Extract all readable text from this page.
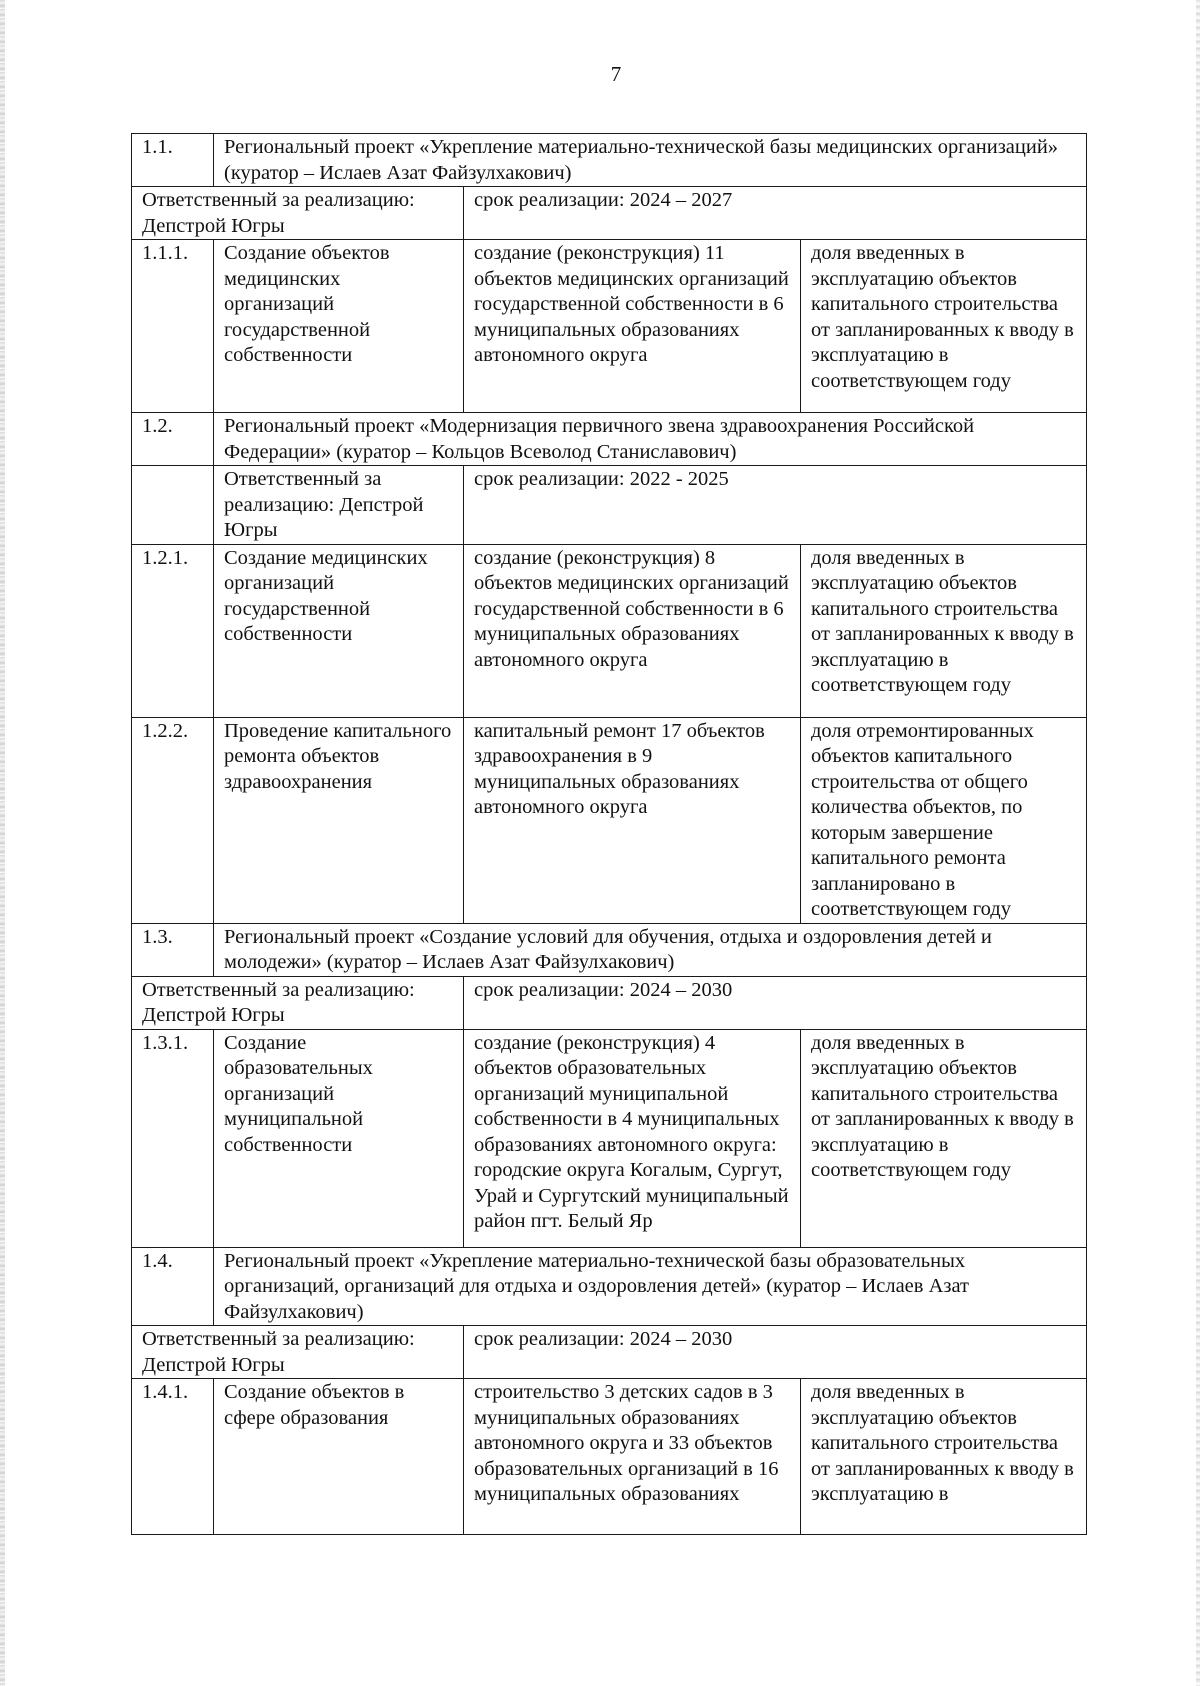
7
1.1.	Региональный проект «Укрепление материально-технической базы медицинских организаций» (куратор – Ислаев Азат Файзулхакович)		
Ответственный за реализацию: Депстрой Югры		срок реализации: 2024 – 2027	
1.1.1.	Создание объектов медицинских организаций государственной собственности	создание (реконструкция) 11 объектов медицинских организаций государственной собственности в 6 муниципальных образованиях автономного округа	доля введенных в эксплуатацию объектов капитального строительства от запланированных к вводу в эксплуатацию в соответствующем году
1.2.	Региональный проект «Модернизация первичного звена здравоохранения Российской Федерации» (куратор – Кольцов Всеволод Станиславович)		
	Ответственный за реализацию: Депстрой Югры	срок реализации: 2022 - 2025	
1.2.1.	Создание медицинских организаций государственной собственности	создание (реконструкция) 8 объектов медицинских организаций государственной собственности в 6 муниципальных образованиях автономного округа	доля введенных в эксплуатацию объектов капитального строительства от запланированных к вводу в эксплуатацию в соответствующем году
1.2.2.	Проведение капитального ремонта объектов здравоохранения	капитальный ремонт 17 объектов здравоохранения в 9 муниципальных образованиях автономного округа	доля отремонтированных объектов капитального строительства от общего количества объектов, по которым завершение капитального ремонта запланировано в соответствующем году
1.3.	Региональный проект «Создание условий для обучения, отдыха и оздоровления детей и молодежи» (куратор – Ислаев Азат Файзулхакович)		
Ответственный за реализацию: Депстрой Югры		срок реализации: 2024 – 2030	
1.3.1.	Создание образовательных организаций муниципальной собственности	создание (реконструкция) 4 объектов образовательных организаций муниципальной собственности в 4 муниципальных образованиях автономного округа: городские округа Когалым, Сургут, Урай и Сургутский муниципальный район пгт. Белый Яр	доля введенных в эксплуатацию объектов капитального строительства от запланированных к вводу в эксплуатацию в соответствующем году
1.4.	Региональный проект «Укрепление материально-технической базы образовательных организаций, организаций для отдыха и оздоровления детей» (куратор – Ислаев Азат Файзулхакович)		
Ответственный за реализацию: Депстрой Югры		срок реализации: 2024 – 2030	
1.4.1.	Создание объектов в сфере образования	строительство 3 детских садов в 3 муниципальных образованиях автономного округа и 33 объектов образовательных организаций в 16 муниципальных образованиях	доля введенных в эксплуатацию объектов капитального строительства от запланированных к вводу в эксплуатацию в
